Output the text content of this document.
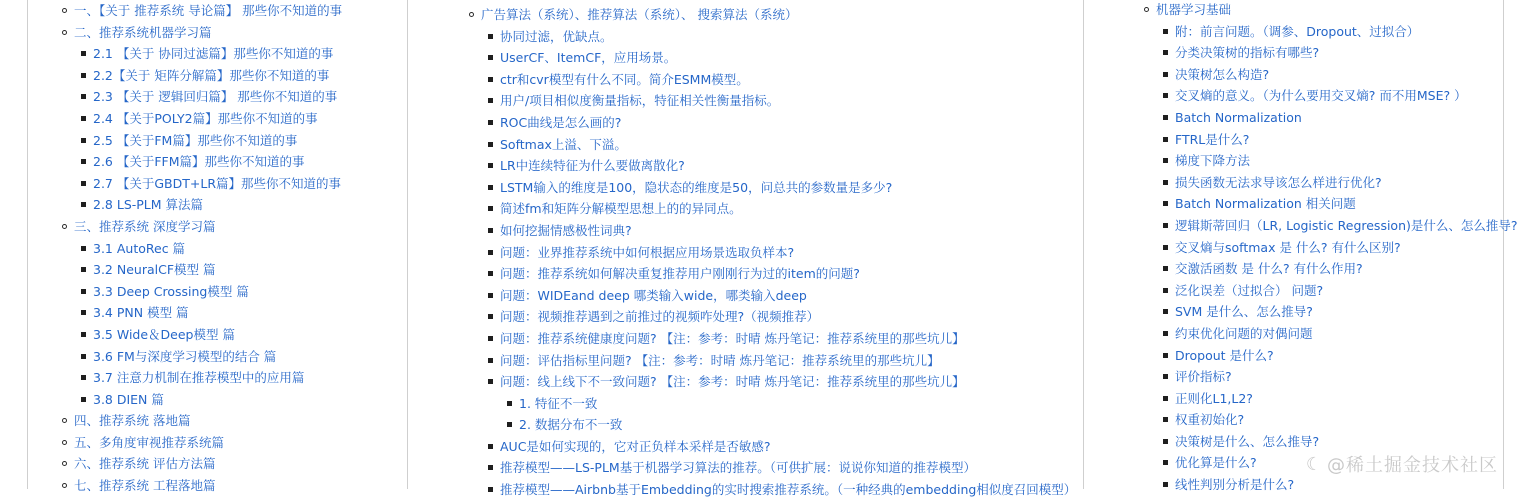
一、【关于 推荐系统 导论篇】 那些你不知道的事
二、推荐系统机器学习篇
2.1 【关于 协同过滤篇】那些你不知道的事
2.2【关于 矩阵分解篇】那些你不知道的事
2.3 【关于 逻辑回归篇】 那些你不知道的事
2.4 【关于POLY2篇】那些你不知道的事
2.5 【关于FM篇】那些你不知道的事
2.6 【关于FFM篇】那些你不知道的事
2.7 【关于GBDT+LR篇】那些你不知道的事
2.8 LS-PLM 算法篇
三、推荐系统 深度学习篇
3.1 AutoRec 篇
3.2 NeuralCF模型 篇
3.3 Deep Crossing模型 篇
3.4 PNN 模型 篇
3.5 Wide＆Deep模型 篇
3.6 FM与深度学习模型的结合 篇
3.7 注意力机制在推荐模型中的应用篇
3.8 DIEN 篇
四、推荐系统 落地篇
五、多角度审视推荐系统篇
六、推荐系统 评估方法篇
七、推荐系统 工程落地篇
广告算法（系统）、推荐算法（系统）、 搜索算法（系统）
协同过滤，优缺点。
UserCF、ItemCF，应用场景。
ctr和cvr模型有什么不同。简介ESMM模型。
用户/项目相似度衡量指标，特征相关性衡量指标。
ROC曲线是怎么画的?
Softmax上溢、下溢。
LR中连续特征为什么要做离散化?
LSTM输入的维度是100，隐状态的维度是50，问总共的参数量是多少?
简述fm和矩阵分解模型思想上的的异同点。
如何挖掘情感极性词典?
问题：业界推荐系统中如何根据应用场景选取负样本?
问题：推荐系统如何解决重复推荐用户刚刚行为过的item的问题?
问题：WIDEand deep 哪类输入wide，哪类输入deep
问题：视频推荐遇到之前推过的视频咋处理?（视频推荐）
问题：推荐系统健康度问题? 【注：参考：时晴 炼丹笔记：推荐系统里的那些坑儿】
问题：评估指标里问题? 【注：参考：时晴 炼丹笔记：推荐系统里的那些坑儿】
问题：线上线下不一致问题? 【注：参考：时晴 炼丹笔记：推荐系统里的那些坑儿】
1. 特征不一致
2. 数据分布不一致
AUC是如何实现的，它对正负样本采样是否敏感?
推荐模型——LS-PLM基于机器学习算法的推荐。（可供扩展：说说你知道的推荐模型）
推荐模型——Airbnb基于Embedding的实时搜索推荐系统。（一种经典的embedding相似度召回模型）
机器学习基础
附：前言问题。（调参、Dropout、过拟合）
分类决策树的指标有哪些?
决策树怎么构造?
交叉熵的意义。（为什么要用交叉熵? 而不用MSE? ）
Batch Normalization
FTRL是什么?
梯度下降方法
损失函数无法求导该怎么样进行优化?
Batch Normalization 相关问题
逻辑斯蒂回归（LR, Logistic Regression)是什么、怎么推导?
交叉熵与softmax 是 什么? 有什么区别?
交激活函数 是 什么? 有什么作用?
泛化误差（过拟合） 问题?
SVM 是什么、怎么推导?
约束优化问题的对偶问题
Dropout 是什么?
评价指标?
正则化L1,L2?
权重初始化?
决策树是什么、怎么推导?
优化算是什么?
线性判别分析是什么?
☾ @稀土掘金技术社区
